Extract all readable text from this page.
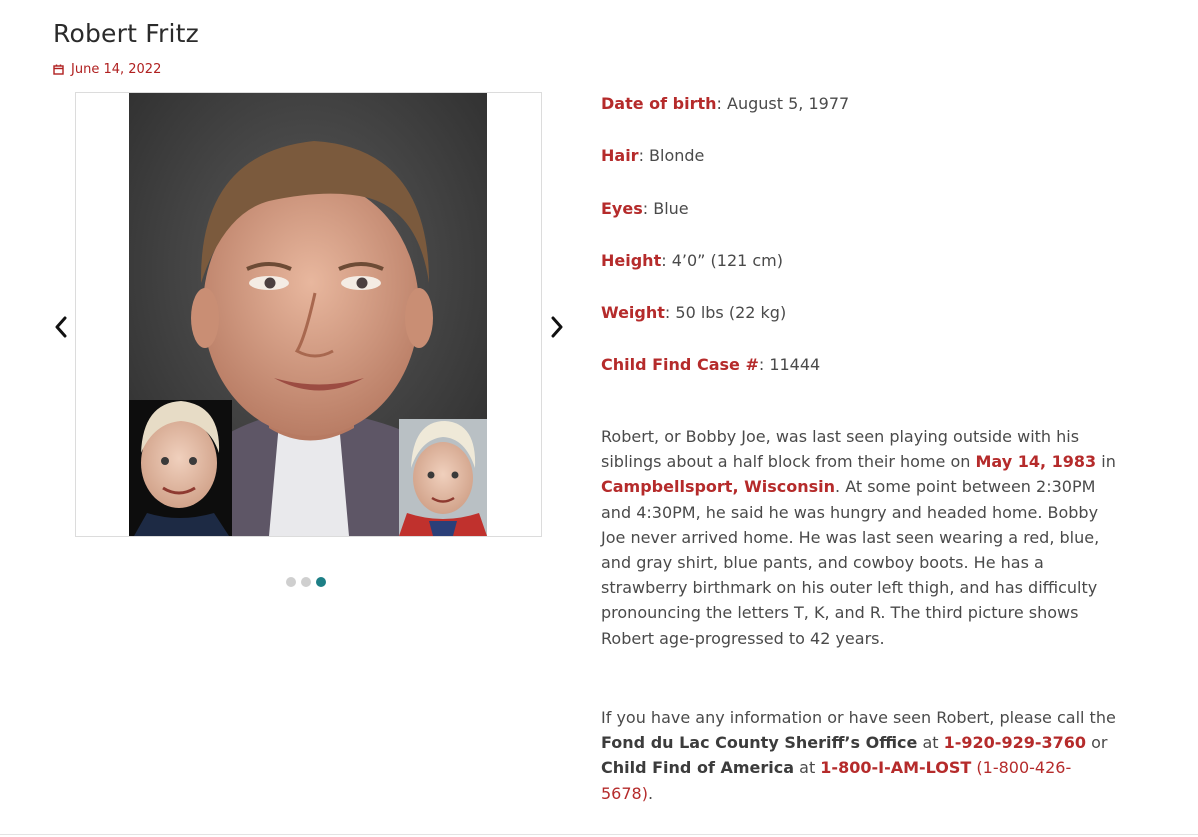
Robert Fritz
June 14, 2022
Date of birth: August 5, 1977
Hair: Blonde
Eyes: Blue
Height: 4’0” (121 cm)
Weight: 50 lbs (22 kg)
Child Find Case #: 11444

Robert, or Bobby Joe, was last seen playing outside with his siblings about a half block from their home on May 14, 1983 in Campbellsport, Wisconsin. At some point between 2:30PM and 4:30PM, he said he was hungry and headed home. Bobby Joe never arrived home. He was last seen wearing a red, blue, and gray shirt, blue pants, and cowboy boots. He has a strawberry birthmark on his outer left thigh, and has difficulty pronouncing the letters T, K, and R. The third picture shows Robert age-progressed to 42 years.

If you have any information or have seen Robert, please call the Fond du Lac County Sheriff’s Office at 1-920-929-3760 or Child Find of America at 1-800-I-AM-LOST (1-800-426-5678).
